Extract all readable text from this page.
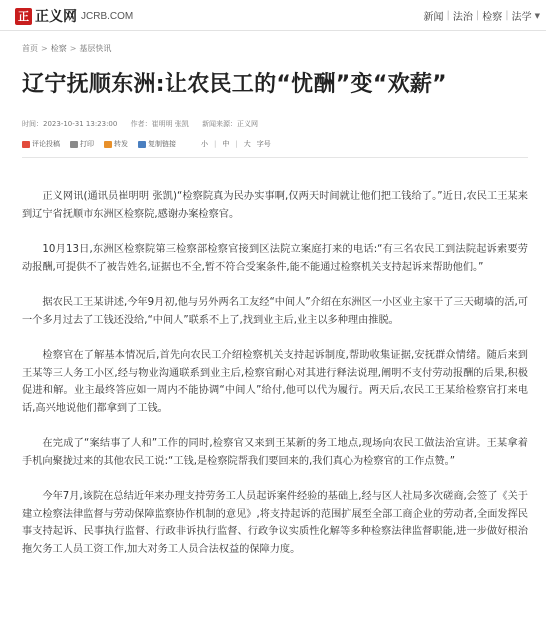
正 正义网 JCRB.COM	新闻 | 法治 | 检察 | 法学 ▼
首页 > 检察 > 基层快讯
辽宁抚顺东洲:让农民工的“忧酬”变“欢薪”
时间：2023-10-31 13:23:00 作者：崔明明 张凯 新闻来源：正义网
评论投稿	打印	转发	复制链接	小 | 中 | 大 字号

正义网讯(通讯员崔明明 张凯)“检察院真为民办实事啊,仅两天时间就让他们把工钱给了。”近日,农民工王某来到辽宁省抚顺市东洲区检察院,感谢办案检察官。

10月13日,东洲区检察院第三检察部检察官接到区法院立案庭打来的电话:“有三名农民工到法院起诉索要劳动报酬,可提供不了被告姓名,证据也不全,暂不符合受案条件,能不能通过检察机关支持起诉来帮助他们。”

据农民工王某讲述,今年9月初,他与另外两名工友经“中间人”介绍在东洲区一小区业主家干了三天砌墙的活,可一个多月过去了工钱还没给,“中间人”联系不上了,找到业主后,业主以多种理由推脱。

检察官在了解基本情况后,首先向农民工介绍检察机关支持起诉制度,帮助收集证据,安抚群众情绪。随后来到王某等三人务工小区,经与物业沟通联系到业主后,检察官耐心对其进行释法说理,阐明不支付劳动报酬的后果,积极促进和解。业主最终答应如一周内不能协调“中间人”给付,他可以代为履行。两天后,农民工王某给检察官打来电话,高兴地说他们都拿到了工钱。

在完成了“案结事了人和”工作的同时,检察官又来到王某新的务工地点,现场向农民工做法治宣讲。王某拿着手机向聚拢过来的其他农民工说:“工钱,是检察院帮我们要回来的,我们真心为检察官的工作点赞。”

今年7月,该院在总结近年来办理支持劳务工人员起诉案件经验的基础上,经与区人社局多次磋商,会签了《关于建立检察法律监督与劳动保障监察协作机制的意见》,将支持起诉的范围扩展至全部工商企业的劳动者,全面发挥民事支持起诉、民事执行监督、行政非诉执行监督、行政争议实质性化解等多种检察法律监督职能,进一步做好根治拖欠务工人员工资工作,加大对务工人员合法权益的保障力度。
